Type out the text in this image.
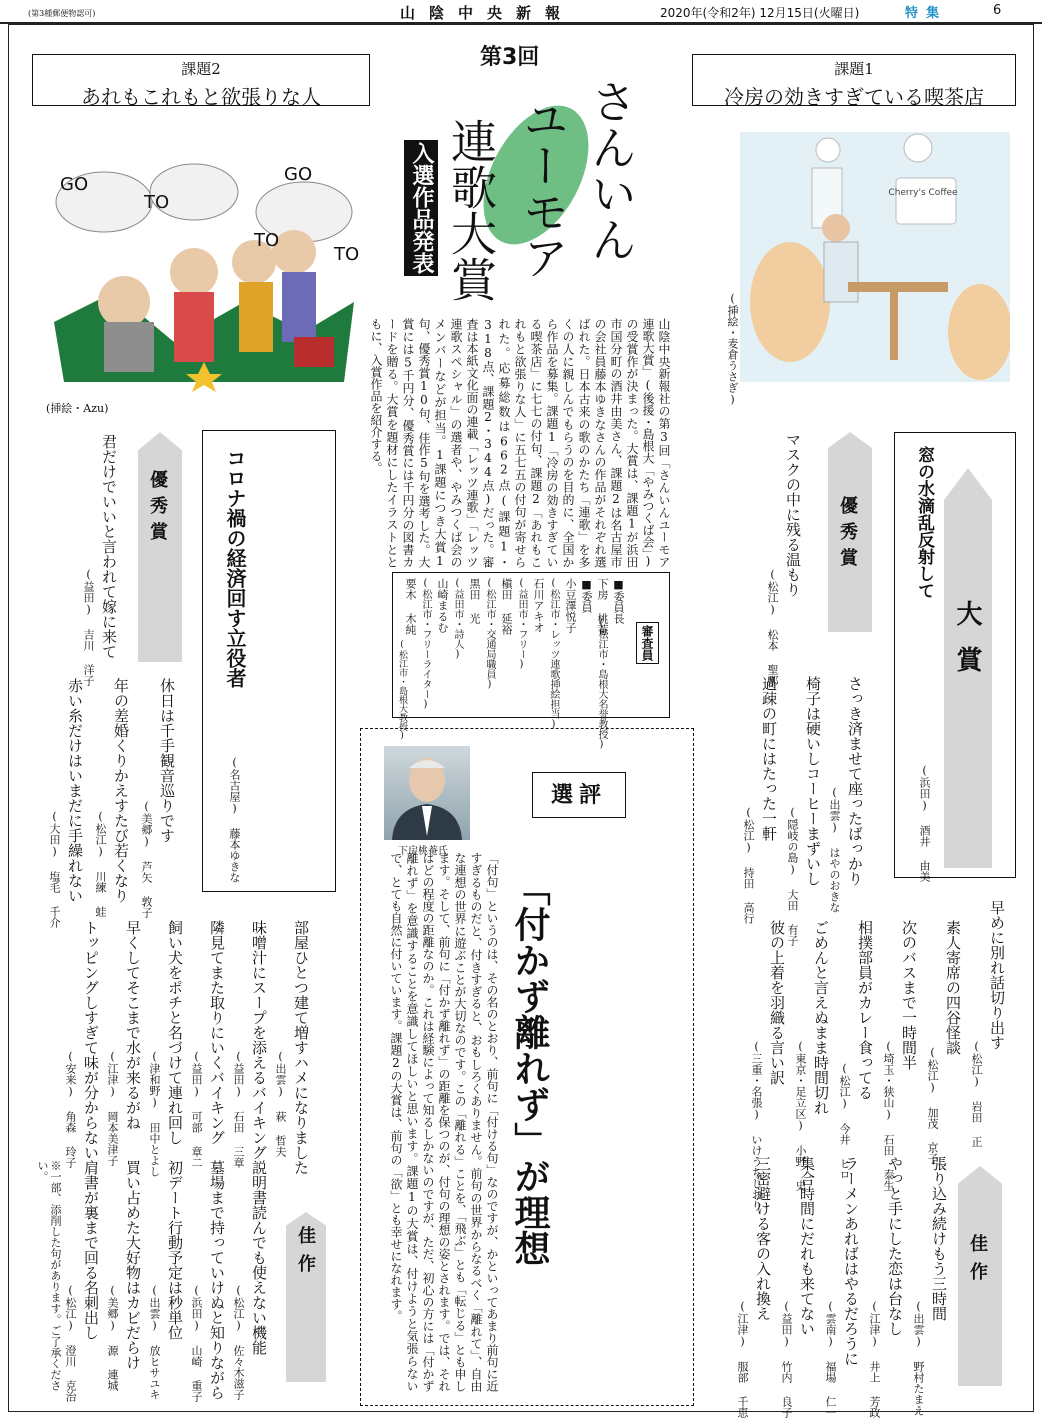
(第3種郵便物認可)	山陰中央新報	2020年(令和2年) 12月15日(火曜日)	特集	6
第3回
さんいん
ユーモア
連歌大賞
入選作品発表
課題2
あれもこれもと欲張りな人
GO
TO
GO
TO
TO
(挿絵・Azu)
コロナ禍の経済回す立役者
(名古屋) 藤本ゆきな
優秀賞
君だけでいいと言われて嫁に来て
(益田) 吉川 洋子
休日は千手観音巡りです
(美郷) 芦矢 敦子
年の差婚くりかえすたび若くなり
(松江) 川練 蛙
赤い糸だけはいまだに手繰れない
(大田) 塩毛 千介
佳作
部屋ひとつ建て増すハメになりました
(出雲) 萩 哲夫
味噌汁にスープを添えるバイキング
(益田) 石田 三章
隣見てまた取りにいくバイキング
(益田) 可部 章二
飼い犬をポチと名づけて連れ回し
(津和野) 田中とよし
早くしてそこまで水が来るがね
(江津) 岡本美津子
トッピングしすぎて味が分からない
(安来) 角森 玲子
説明書読んでも使えない機能
(松江) 佐々木滋子
墓場まで持っていけぬと知りながら
(浜田) 山崎 重子
初デート行動予定は秒単位
(出雲) 放ヒサユキ
買い占めた大好物はカビだらけ
(美郷) 源 連城
肩書が裏まで回る名刺出し
(松江) 澄川 克治
※一部、添削した句があります。ご了承ください。
山陰中央新報社の第3回「さんいんユーモア連歌大賞」(後援・島根大「やみつくば会」)の受賞作が決まった。大賞は、課題1が浜田市国分町の酒井由美さん、課題2は名古屋市の会社員藤本ゆきなさんの作品がそれぞれ選ばれた。日本古来の歌のかたち「連歌」を多くの人に親しんでもらうのを目的に、全国から作品を募集。課題1「冷房の効きすぎている喫茶店」に七七の付句、課題2「あれもこれもと欲張りな人」に五七五の付句が寄せられた。応募総数は662点(課題1・318点、課題2・344点)だった。審査は本紙文化面の連載「レッツ連歌」「レッツ連歌スペシャル」の選者や、やみつくば会のメンバーなどが担当。1課題につき大賞1句、優秀賞10句、佳作5句を選考した。大賞には5千円分、優秀賞には千円分の図書カードを贈る。大賞を題材にしたイラストとともに、入賞作品を紹介する。
審査員
■委員長
下房 桃菴
(松江市・島根大名誉教授)
■委員
小豆澤悦子
(松江市・レッツ連歌挿絵担当)
石川アキオ
(益田市・フリー)
槇田 延裕
(松江市・交通局職員)
黒田 光
(益田市・詩人)
山崎まるむ
(松江市・フリーライター)
要木 木純
(松江市・島根大教授)
下房桃菴氏
選評
「付かず離れず」が理想
「付句」というのは、その名のとおり、前句に「付ける句」なのですが、かといってあまり前句に近すぎるものだと、付きすぎると、おもしろくありません。前句の世界からなるべく「離れて」、自由な連想の世界に遊ぶことが大切なのです。この「離れる」ことを、「飛ぶ」とも「転じる」とも申します。そして、前句に「付かず離れず」の距離を保つのが、付句の理想の姿とされます。では、それはどの程度の距離なのか。これは経験によって知るしかないのですが、ただ、初心の方には「付かず離れず」を意識することを意識してほしいと思います。課題1の大賞は、付けようと気張らないで、とても自然に付いています。課題2の大賞は、前句の「欲」とも幸せになれます。
課題1
冷房の効きすぎている喫茶店
Cherry's Coffee
(挿絵・麦倉うさぎ)
大賞
窓の水滴乱反射して
(浜田) 酒井 由美
優秀賞
マスクの中に残る温もり
(松江) 松本 聖那
さっき済ませて座ったばっかり
(出雲) はやのおきな
椅子は硬いしコーヒーまずいし
(隠岐の島) 大田 有子
過疎の町にはたった一軒
(松江) 持田 高行
早めに別れ話切り出す
(松江) 岩田 正
素人寄席の四谷怪談
(松江) 加茂 京子
次のバスまで一時間半
(埼玉・狭山) 石田 泰生
相撲部員がカレー食ってる
(松江) 今井 ヒロ
ごめんと言えぬまま時間切れ
(東京・足立区) 小野 史
彼の上着を羽織る言い訳
(三重・名張) いけうちしおり
佳作
張り込み続けもう三時間
(出雲) 野村たまえ
やっと手にした恋は台なし
(江津) 井上 芳政
ラーメンあればはやるだろうに
(雲南) 福場 仁一
集合時間にだれも来てない
(益田) 竹内 良子
三密避ける客の入れ換え
(江津) 服部 千恵
